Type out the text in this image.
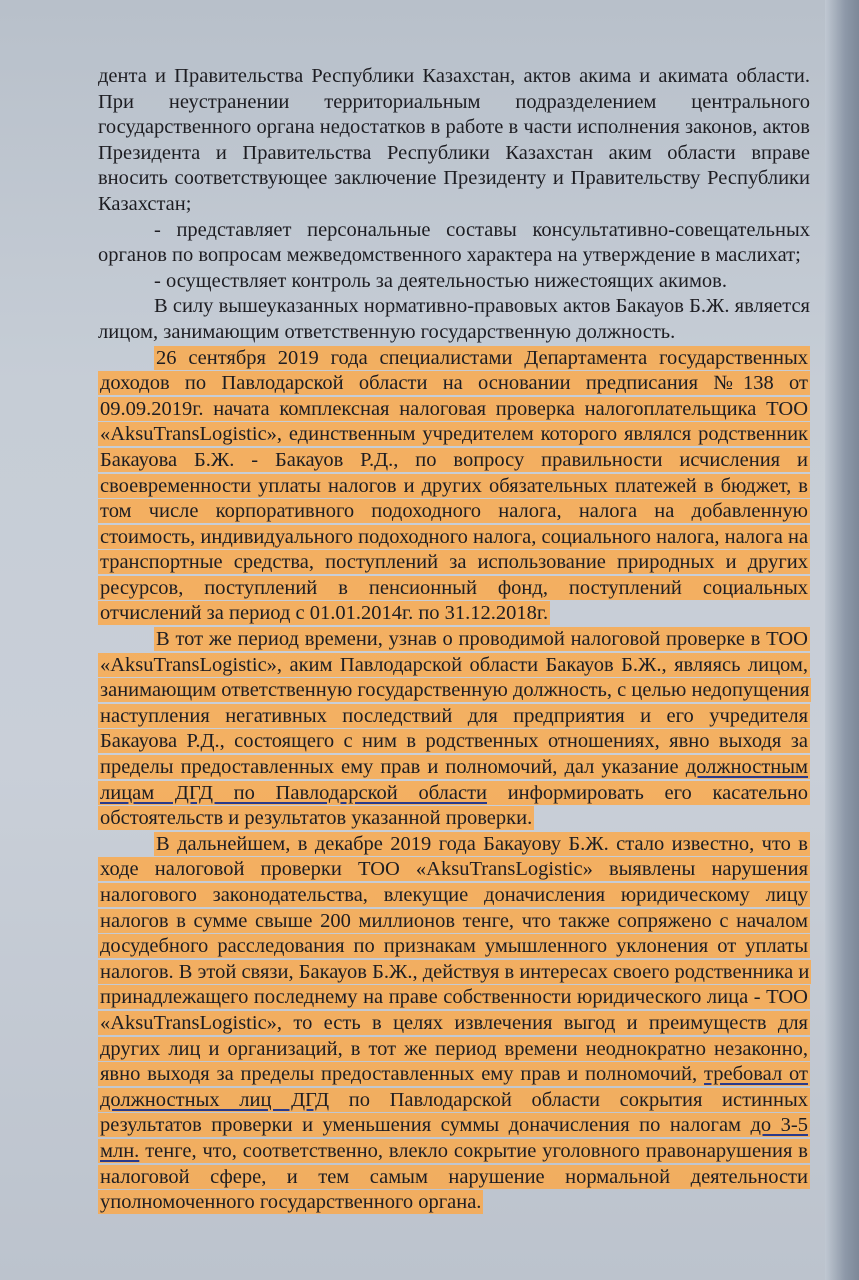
дента и Правительства Республики Казахстан, актов акима и акимата области. При неустранении территориальным подразделением центрального государственного органа недостатков в работе в части исполнения законов, актов Президента и Правительства Республики Казахстан аким области вправе вносить соответствующее заключение Президенту и Правительству Республики Казахстан;

- представляет персональные составы консультативно-совещательных органов по вопросам межведомственного характера на утверждение в маслихат;

- осуществляет контроль за деятельностью нижестоящих акимов.

В силу вышеуказанных нормативно-правовых актов Бакауов Б.Ж. является лицом, занимающим ответственную государственную должность.

26 сентября 2019 года специалистами Департамента государственных доходов по Павлодарской области на основании предписания №138 от 09.09.2019г. начата комплексная налоговая проверка налогоплательщика ТОО «AksuTransLogistic», единственным учредителем которого являлся родственник Бакауова Б.Ж. - Бакауов Р.Д., по вопросу правильности исчисления и своевременности уплаты налогов и других обязательных платежей в бюджет, в том числе корпоративного подоходного налога, налога на добавленную стоимость, индивидуального подоходного налога, социального налога, налога на транспортные средства, поступлений за использование природных и других ресурсов, поступлений в пенсионный фонд, поступлений социальных отчислений за период с 01.01.2014г. по 31.12.2018г.

В тот же период времени, узнав о проводимой налоговой проверке в ТОО «AksuTransLogistic», аким Павлодарской области Бакауов Б.Ж., являясь лицом, занимающим ответственную государственную должность, с целью недопущения наступления негативных последствий для предприятия и его учредителя Бакауова Р.Д., состоящего с ним в родственных отношениях, явно выходя за пределы предоставленных ему прав и полномочий, дал указание должностным лицам ДГД по Павлодарской области информировать его касательно обстоятельств и результатов указанной проверки.

В дальнейшем, в декабре 2019 года Бакауову Б.Ж. стало известно, что в ходе налоговой проверки ТОО «AksuTransLogistic» выявлены нарушения налогового законодательства, влекущие доначисления юридическому лицу налогов в сумме свыше 200 миллионов тенге, что также сопряжено с началом досудебного расследования по признакам умышленного уклонения от уплаты налогов. В этой связи, Бакауов Б.Ж., действуя в интересах своего родственника и принадлежащего последнему на праве собственности юридического лица - ТОО «AksuTransLogistic», то есть в целях извлечения выгод и преимуществ для других лиц и организаций, в тот же период времени неоднократно незаконно, явно выходя за пределы предоставленных ему прав и полномочий, требовал от должностных лиц ДГД по Павлодарской области сокрытия истинных результатов проверки и уменьшения суммы доначисления по налогам до 3-5 млн. тенге, что, соответственно, влекло сокрытие уголовного правонарушения в налоговой сфере, и тем самым нарушение нормальной деятельности уполномоченного государственного органа.
